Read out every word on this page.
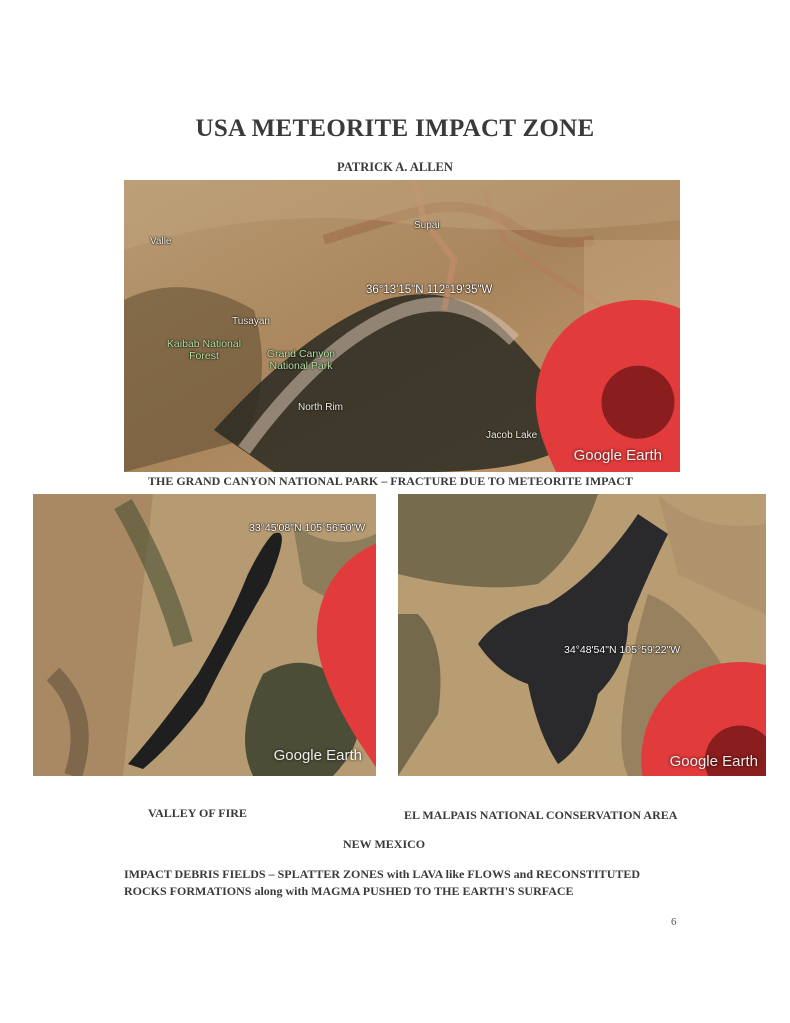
USA METEORITE IMPACT ZONE
PATRICK A. ALLEN
Valle
Supai
Tusayan
Kaibab National Forest	Grand Canyon National Park
North Rim
Jacob Lake
36°13'15"N 112°19'35"W
Google Earth
THE GRAND CANYON NATIONAL PARK – FRACTURE DUE TO METEORITE IMPACT
33°45'08"N 105°56'50"W
Google Earth
34°48'54"N 105°59'22"W
Google Earth
VALLEY OF FIRE	EL MALPAIS NATIONAL CONSERVATION AREA
NEW MEXICO
IMPACT DEBRIS FIELDS – SPLATTER ZONES with LAVA like FLOWS and RECONSTITUTED
ROCKS FORMATIONS along with MAGMA PUSHED TO THE EARTH'S SURFACE
6
